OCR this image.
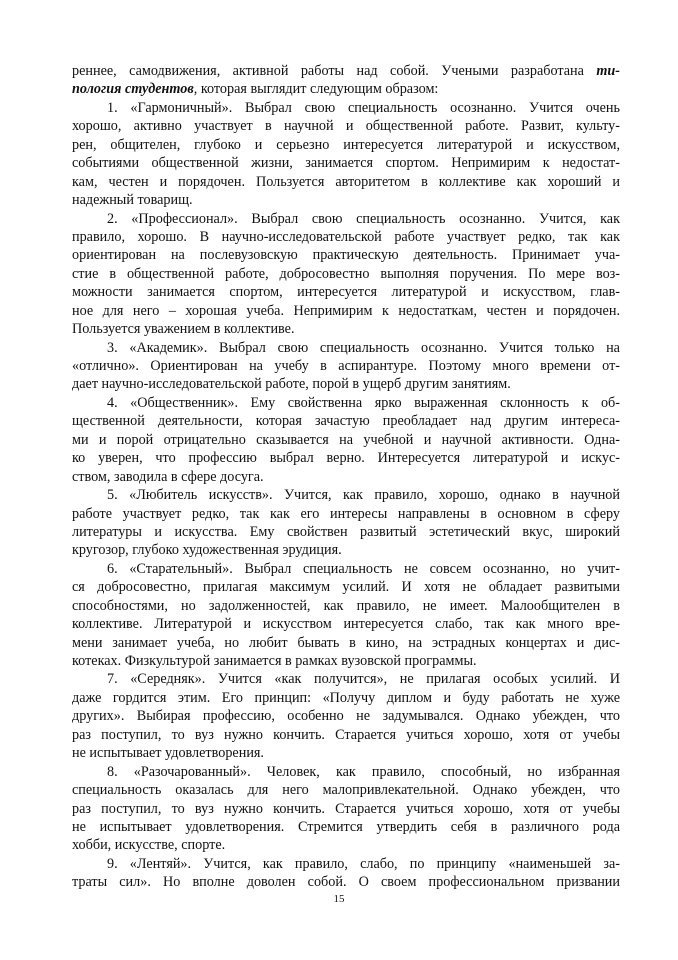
реннее, самодвижения, активной работы над собой. Учеными разработана ти-
пология студентов, которая выглядит следующим образом:
1. «Гармоничный». Выбрал свою специальность осознанно. Учится очень
хорошо, активно участвует в научной и общественной работе. Развит, культу-
рен, общителен, глубоко и серьезно интересуется литературой и искусством,
событиями общественной жизни, занимается спортом. Непримирим к недостат-
кам, честен и порядочен. Пользуется авторитетом в коллективе как хороший и
надежный товарищ.
2. «Профессионал». Выбрал свою специальность осознанно. Учится, как
правило, хорошо. В научно-исследовательской работе участвует редко, так как
ориентирован на послевузовскую практическую деятельность. Принимает уча-
стие в общественной работе, добросовестно выполняя поручения. По мере воз-
можности занимается спортом, интересуется литературой и искусством, глав-
ное для него – хорошая учеба. Непримирим к недостаткам, честен и порядочен.
Пользуется уважением в коллективе.
3. «Академик». Выбрал свою специальность осознанно. Учится только на
«отлично». Ориентирован на учебу в аспирантуре. Поэтому много времени от-
дает научно-исследовательской работе, порой в ущерб другим занятиям.
4. «Общественник». Ему свойственна ярко выраженная склонность к об-
щественной деятельности, которая зачастую преобладает над другим интереса-
ми и порой отрицательно сказывается на учебной и научной активности. Одна-
ко уверен, что профессию выбрал верно. Интересуется литературой и искус-
ством, заводила в сфере досуга.
5. «Любитель искусств». Учится, как правило, хорошо, однако в научной
работе участвует редко, так как его интересы направлены в основном в сферу
литературы и искусства. Ему свойствен развитый эстетический вкус, широкий
кругозор, глубоко художественная эрудиция.
6. «Старательный». Выбрал специальность не совсем осознанно, но учит-
ся добросовестно, прилагая максимум усилий. И хотя не обладает развитыми
способностями, но задолженностей, как правило, не имеет. Малообщителен в
коллективе. Литературой и искусством интересуется слабо, так как много вре-
мени занимает учеба, но любит бывать в кино, на эстрадных концертах и дис-
котеках. Физкультурой занимается в рамках вузовской программы.
7. «Середняк». Учится «как получится», не прилагая особых усилий. И
даже гордится этим. Его принцип: «Получу диплом и буду работать не хуже
других». Выбирая профессию, особенно не задумывался. Однако убежден, что
раз поступил, то вуз нужно кончить. Старается учиться хорошо, хотя от учебы
не испытывает удовлетворения.
8. «Разочарованный». Человек, как правило, способный, но избранная
специальность оказалась для него малопривлекательной. Однако убежден, что
раз поступил, то вуз нужно кончить. Старается учиться хорошо, хотя от учебы
не испытывает удовлетворения. Стремится утвердить себя в различного рода
хобби, искусстве, спорте.
9. «Лентяй». Учится, как правило, слабо, по принципу «наименьшей за-
траты сил». Но вполне доволен собой. О своем профессиональном призвании
15
